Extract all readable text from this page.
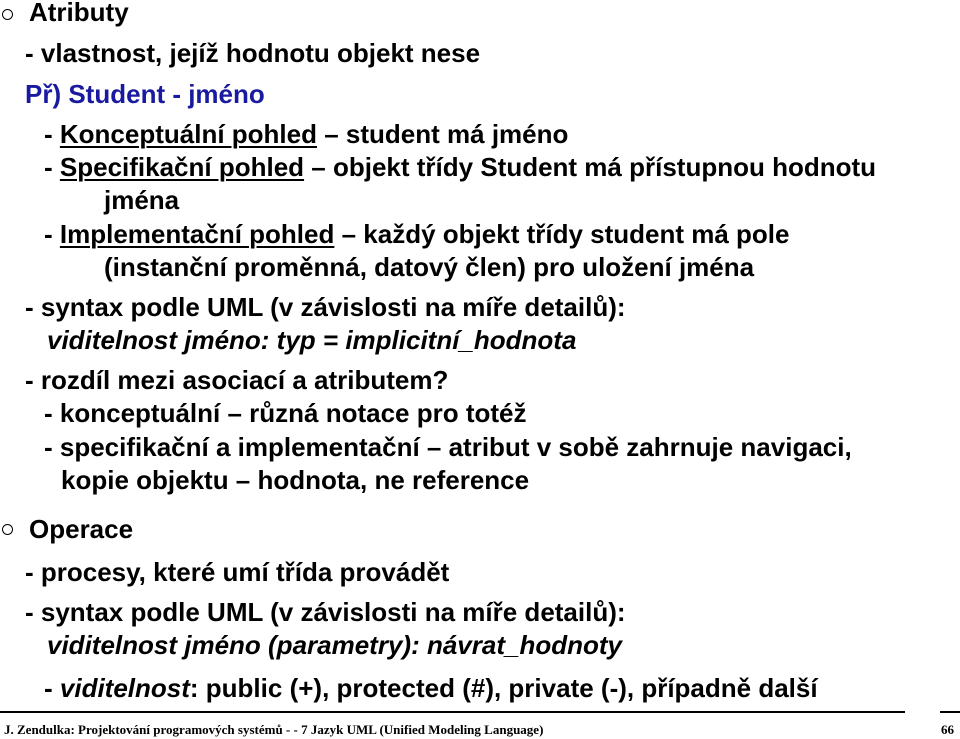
Atributy
- vlastnost, jejíž hodnotu objekt nese
Př) Student - jméno
- Konceptuální pohled – student má jméno
- Specifikační pohled – objekt třídy Student má přístupnou hodnotu
jména
- Implementační pohled – každý objekt třídy student má pole
(instanční proměnná, datový člen) pro uložení jména
- syntax podle UML (v závislosti na míře detailů):
viditelnost jméno: typ = implicitní_hodnota
- rozdíl mezi asociací a atributem?
- konceptuální – různá notace pro totéž
- specifikační a implementační – atribut v sobě zahrnuje navigaci,
kopie objektu – hodnota, ne reference
Operace
- procesy, které umí třída provádět
- syntax podle UML (v závislosti na míře detailů):
viditelnost jméno (parametry): návrat_hodnoty
- viditelnost: public (+), protected (#), private (-), případně další
J. Zendulka: Projektování programových systémů - - 7 Jazyk UML (Unified Modeling Language)	66
